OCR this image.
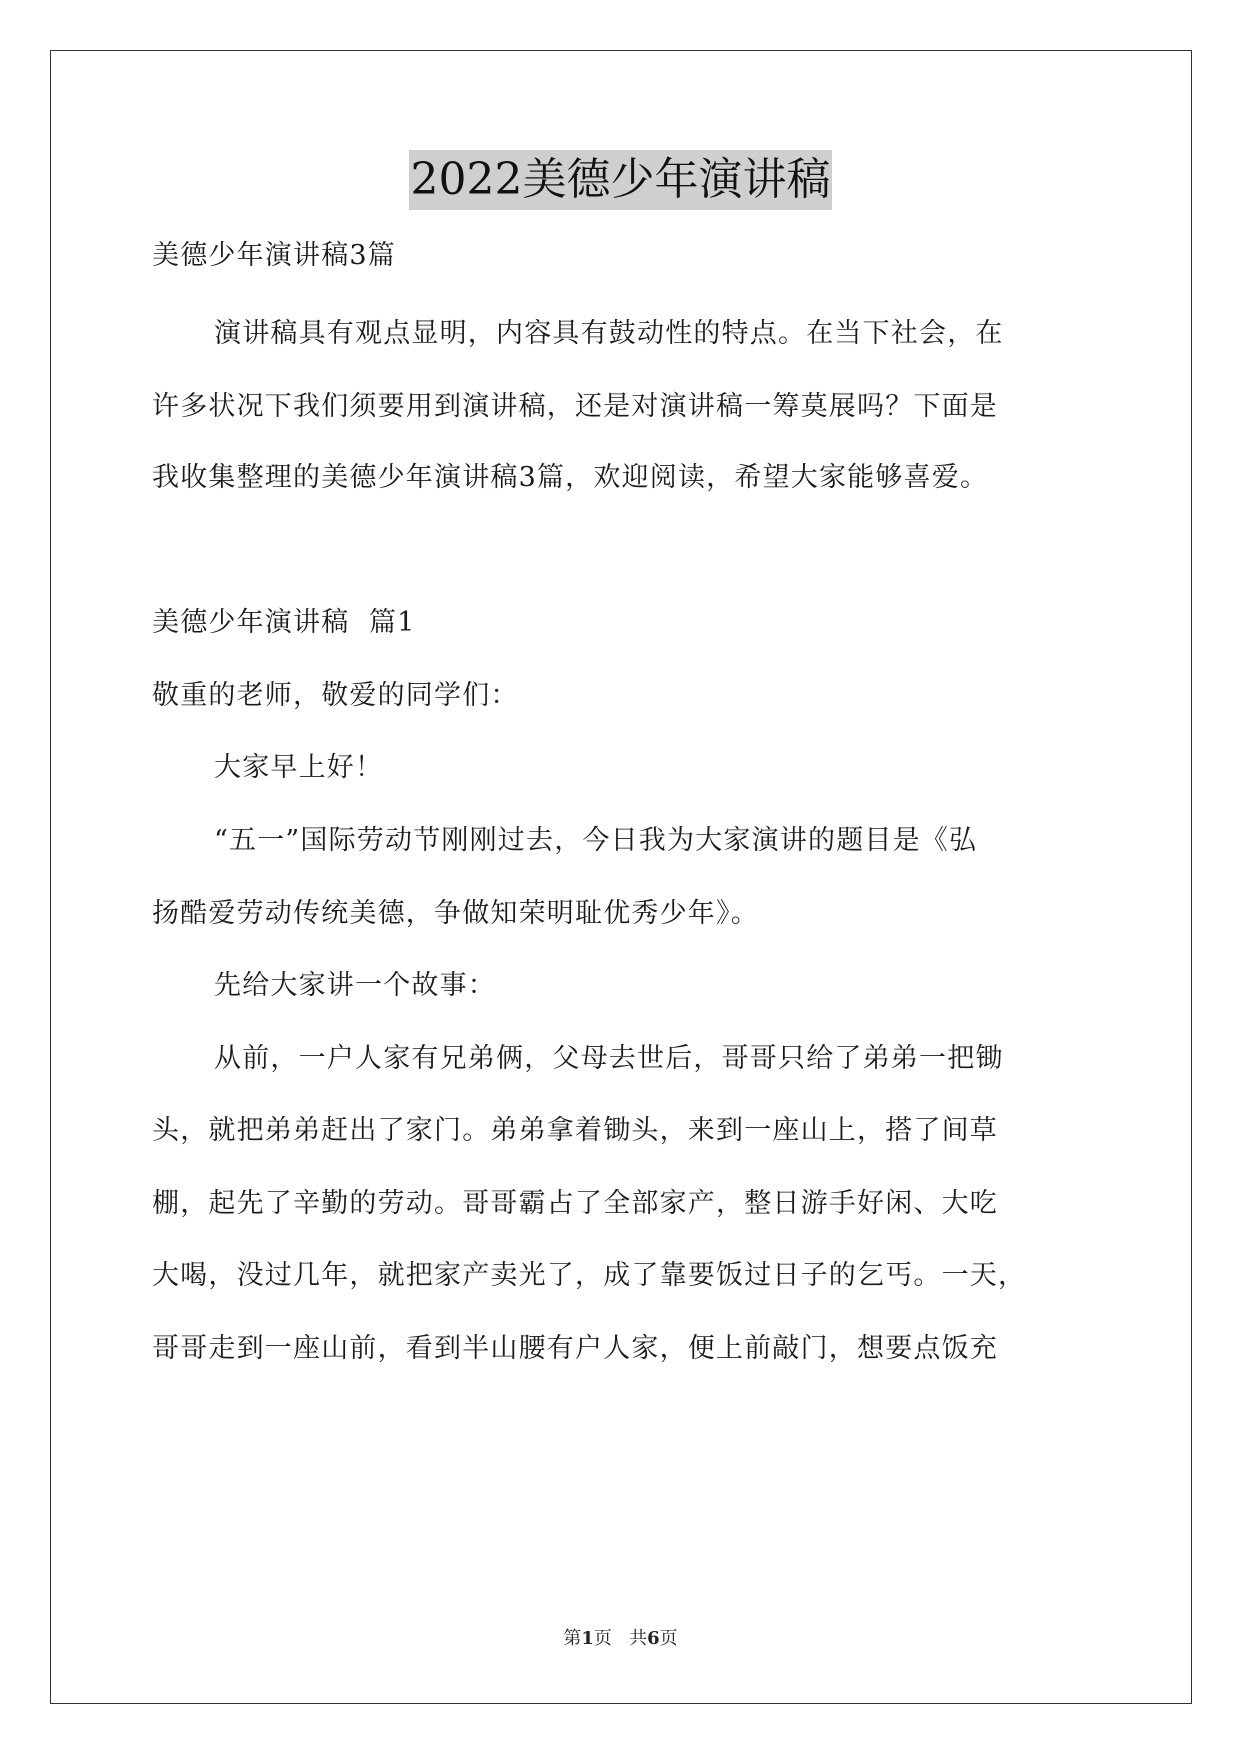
2022美德少年演讲稿
美德少年演讲稿3篇
演讲稿具有观点显明，内容具有鼓动性的特点。在当下社会，在
许多状况下我们须要用到演讲稿，还是对演讲稿一筹莫展吗？下面是
我收集整理的美德少年演讲稿3篇，欢迎阅读，希望大家能够喜爱。
美德少年演讲稿  篇1
敬重的老师，敬爱的同学们：
大家早上好！
“五一”国际劳动节刚刚过去，今日我为大家演讲的题目是《弘
扬酷爱劳动传统美德，争做知荣明耻优秀少年》。
先给大家讲一个故事：
从前，一户人家有兄弟俩，父母去世后，哥哥只给了弟弟一把锄
头，就把弟弟赶出了家门。弟弟拿着锄头，来到一座山上，搭了间草
棚，起先了辛勤的劳动。哥哥霸占了全部家产，整日游手好闲、大吃
大喝，没过几年，就把家产卖光了，成了靠要饭过日子的乞丐。一天，
哥哥走到一座山前，看到半山腰有户人家，便上前敲门，想要点饭充
第1页 共6页
